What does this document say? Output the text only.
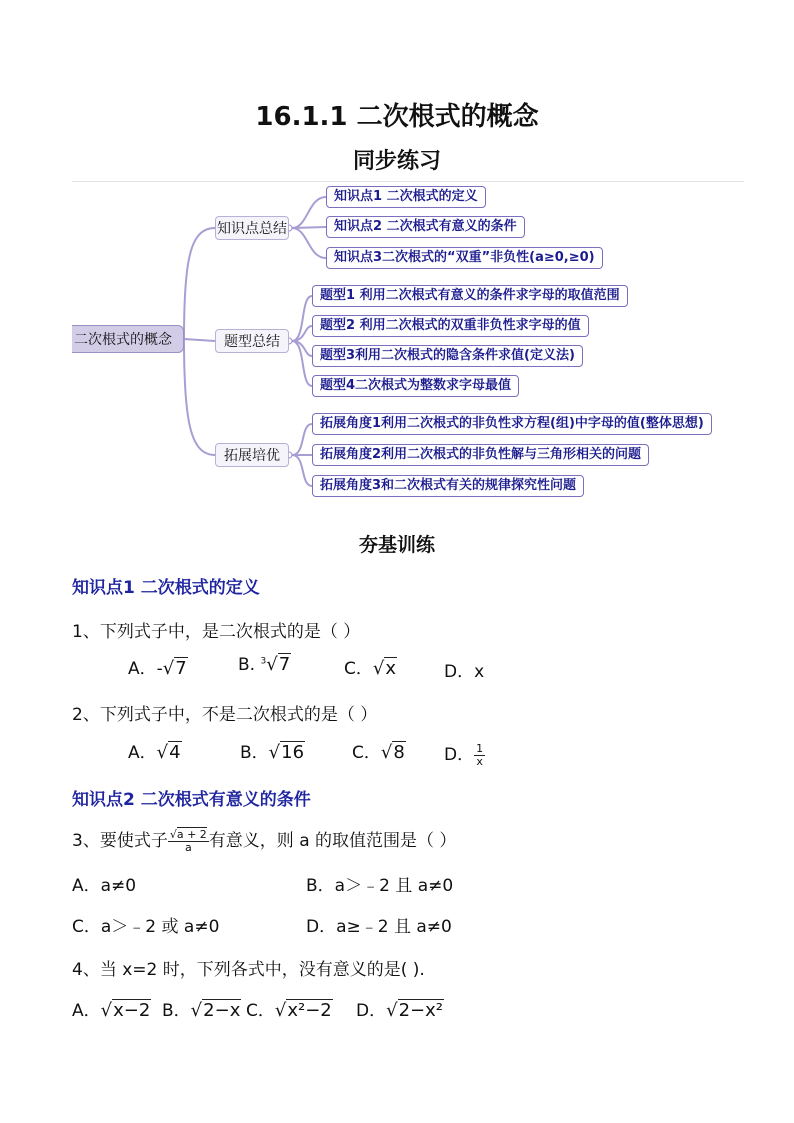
16.1.1 二次根式的概念
同步练习
二次根式的概念
知识点总结
题型总结
拓展培优
知识点1 二次根式的定义
知识点2 二次根式有意义的条件
知识点3二次根式的“双重”非负性(a≥0,≥0)
题型1 利用二次根式有意义的条件求字母的取值范围
题型2 利用二次根式的双重非负性求字母的值
题型3利用二次根式的隐含条件求值(定义法)
题型4二次根式为整数求字母最值
拓展角度1利用二次根式的非负性求方程(组)中字母的值(整体思想)
拓展角度2利用二次根式的非负性解与三角形相关的问题
拓展角度3和二次根式有关的规律探究性问题
夯基训练
知识点1 二次根式的定义
1、下列式子中，是二次根式的是（ ）
A．-√7	B. $^3$√7	C．√x	D．x
2、下列式子中，不是二次根式的是（ ）
A．√4	B．√16	C．√8 D． $\frac{1}{x}$
知识点2 二次根式有意义的条件
3、要使式子 $\frac{√a + 2}{a}$ 有意义，则 a 的取值范围是（ ）
A．a≠0	B．a＞﹣2 且 a≠0
C．a＞﹣2 或 a≠0	D．a≥﹣2 且 a≠0
4、当 x=2 时，下列各式中，没有意义的是( ).
A．√x−2 B．√2−x C．√x²−2 D．√2−x²
